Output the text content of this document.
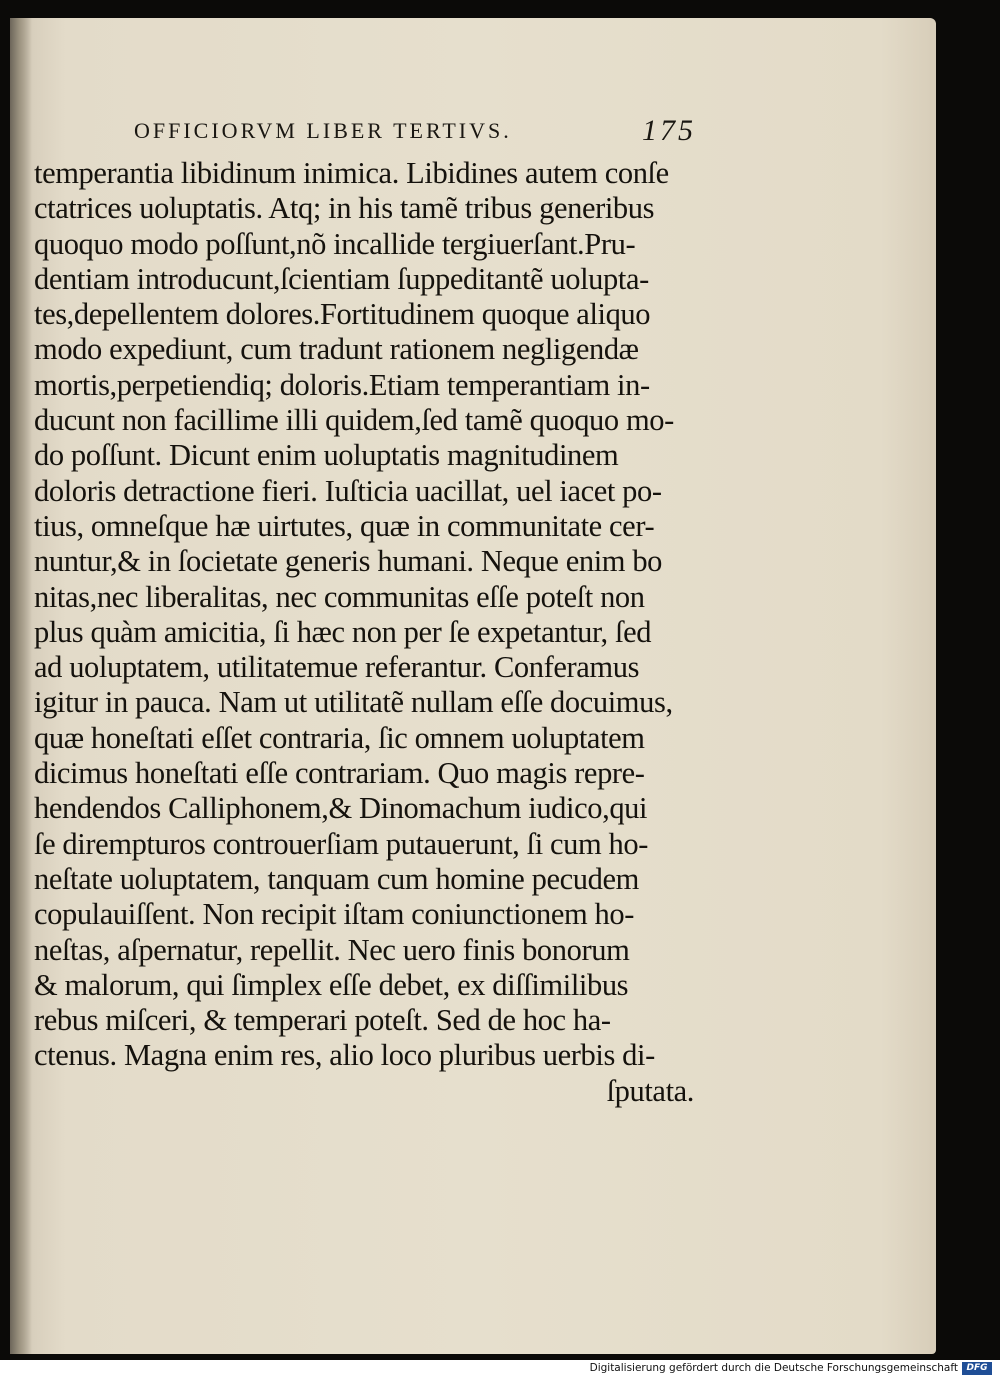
OFFICIORVM LIBER TERTIVS.	175
temperantia libidinum inimica. Libidines autem conſe
ctatrices uoluptatis. Atq; in his tamẽ tribus generibus
quoquo modo poſſunt,nõ incallide tergiuerſant.Pru-
dentiam introducunt,ſcientiam ſuppeditantẽ uolupta-
tes,depellentem dolores.Fortitudinem quoque aliquo
modo expediunt, cum tradunt rationem negligendæ
mortis,perpetiendiq; doloris.Etiam temperantiam in-
ducunt non facillime illi quidem,ſed tamẽ quoquo mo-
do poſſunt. Dicunt enim uoluptatis magnitudinem
doloris detractione fieri. Iuſticia uacillat, uel iacet po-
tius, omneſque hæ uirtutes, quæ in communitate cer-
nuntur,& in ſocietate generis humani. Neque enim bo
nitas,nec liberalitas, nec communitas eſſe poteſt non
plus quàm amicitia, ſi hæc non per ſe expetantur, ſed
ad uoluptatem, utilitatemue referantur. Conferamus
igitur in pauca. Nam ut utilitatẽ nullam eſſe docuimus,
quæ honeſtati eſſet contraria, ſic omnem uoluptatem
dicimus honeſtati eſſe contrariam. Quo magis repre-
hendendos Calliphonem,& Dinomachum iudico,qui
ſe dirempturos controuerſiam putauerunt, ſi cum ho-
neſtate uoluptatem, tanquam cum homine pecudem
copulauiſſent. Non recipit iſtam coniunctionem ho-
neſtas, aſpernatur, repellit. Nec uero finis bonorum
& malorum, qui ſimplex eſſe debet, ex diſſimilibus
rebus miſceri, & temperari poteſt. Sed de hoc ha-
ctenus. Magna enim res, alio loco pluribus uerbis di-
ſputata.
Digitalisierung gefördert durch die Deutsche Forschungsgemeinschaft DFG
